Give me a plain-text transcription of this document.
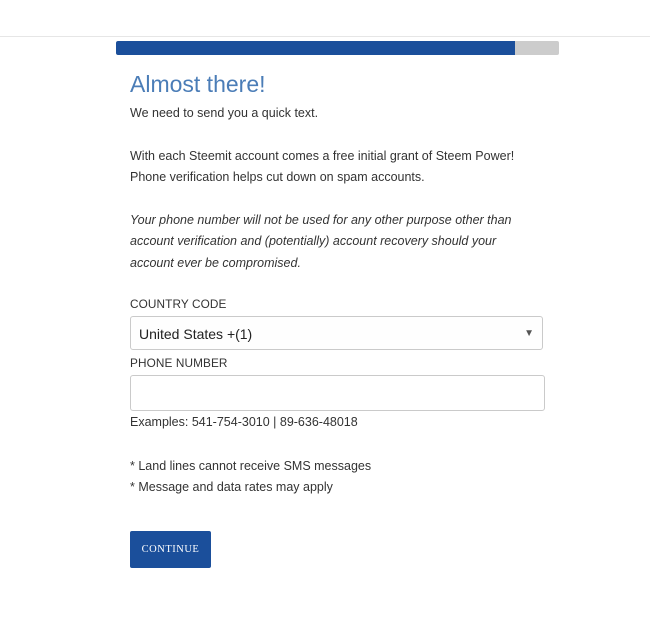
Almost there!

We need to send you a quick text.

With each Steemit account comes a free initial grant of Steem Power!

Phone verification helps cut down on spam accounts.

Your phone number will not be used for any other purpose other than

account verification and (potentially) account recovery should your

account ever be compromised.

COUNTRY CODE
United States +(1)	▼
PHONE NUMBER

Examples: 541-754-3010 | 89-636-48018

* Land lines cannot receive SMS messages

* Message and data rates may apply

CONTINUE
